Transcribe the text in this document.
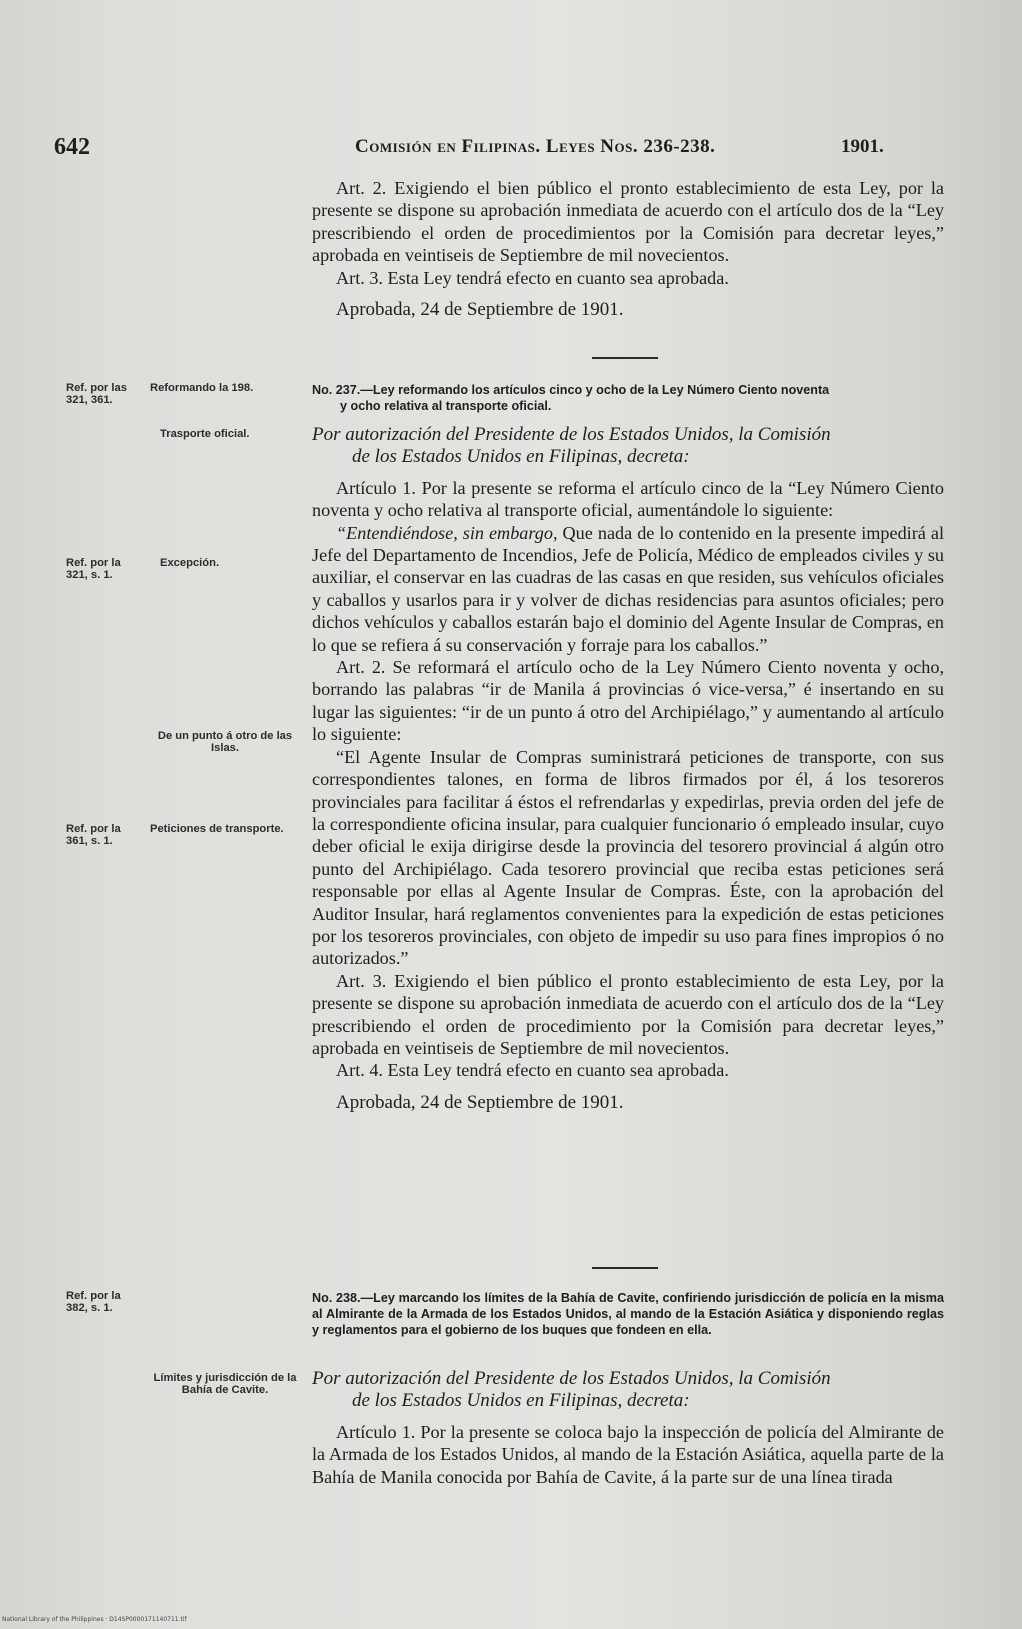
642	Comisión en Filipinas. Leyes Nos. 236-238.	1901.

Art. 2. Exigiendo el bien público el pronto establecimiento de esta Ley, por la presente se dispone su aprobación inmediata de acuerdo con el artículo dos de la “Ley prescribiendo el orden de procedimientos por la Comisión para decretar leyes,” aprobada en veintiseis de Septiembre de mil novecientos.

Art. 3. Esta Ley tendrá efecto en cuanto sea aprobada.

Aprobada, 24 de Septiembre de 1901.

Ref. por las 321, 361.
Reformando la 198.	No. 237.—Ley reformando los artículos cinco y ocho de la Ley Número Ciento noventa
y ocho relativa al transporte oficial.
Trasporte oficial.	Por autorización del Presidente de los Estados Unidos, la Comisión

de los Estados Unidos en Filipinas, decreta:

Artículo 1. Por la presente se reforma el artículo cinco de la “Ley Número Ciento noventa y ocho relativa al transporte oficial, aumentándole lo siguiente:

“Entendiéndose, sin embargo, Que nada de lo contenido en la presente impedirá al Jefe del Departamento de Incendios, Jefe de Policía, Médico de empleados civiles y su auxiliar, el conservar en las cuadras de las casas en que residen, sus vehículos oficiales y caballos y usarlos para ir y volver de dichas residencias para asuntos oficiales; pero dichos vehículos y caballos estarán bajo el dominio del Agente Insular de Compras, en lo que se refiera á su conservación y forraje para los caballos.”

Art. 2. Se reformará el artículo ocho de la Ley Número Ciento noventa y ocho, borrando las palabras “ir de Manila á provincias ó vice-versa,” é insertando en su lugar las siguientes: “ir de un punto á otro del Archipiélago,” y aumentando al artículo lo siguiente:

“El Agente Insular de Compras suministrará peticiones de transporte, con sus correspondientes talones, en forma de libros firmados por él, á los tesoreros provinciales para facilitar á éstos el refrendarlas y expedirlas, previa orden del jefe de la correspondiente oficina insular, para cualquier funcionario ó empleado insular, cuyo deber oficial le exija dirigirse desde la provincia del tesorero provincial á algún otro punto del Archipiélago. Cada tesorero provincial que reciba estas peticiones será responsable por ellas al Agente Insular de Compras. Éste, con la aprobación del Auditor Insular, hará reglamentos convenientes para la expedición de estas peticiones por los tesoreros provinciales, con objeto de impedir su uso para fines impropios ó no autorizados.”

Art. 3. Exigiendo el bien público el pronto establecimiento de esta Ley, por la presente se dispone su aprobación inmediata de acuerdo con el artículo dos de la “Ley prescribiendo el orden de procedimiento por la Comisión para decretar leyes,” aprobada en veintiseis de Septiembre de mil novecientos.

Art. 4. Esta Ley tendrá efecto en cuanto sea aprobada.

Aprobada, 24 de Septiembre de 1901.

Ref. por la 321, s. 1.
Excepción.
De un punto á otro de las Islas.
Ref. por la 361, s. 1.
Peticiones de transporte.
Ref. por la 382, s. 1.
No. 238.—Ley marcando los límites de la Bahía de Cavite, confiriendo jurisdicción de policía en la misma al Almirante de la Armada de los Estados Unidos, al mando de la Estación Asiática y disponiendo reglas y reglamentos para el gobierno de los buques que fondeen en ella.
Límites y jurisdicción de la Bahía de Cavite.

Por autorización del Presidente de los Estados Unidos, la Comisión

de los Estados Unidos en Filipinas, decreta:

Artículo 1. Por la presente se coloca bajo la inspección de policía del Almirante de la Armada de los Estados Unidos, al mando de la Estación Asiática, aquella parte de la Bahía de Manila conocida por Bahía de Cavite, á la parte sur de una línea tirada

National Library of the Philippines · D14SP0000171140711.tif
